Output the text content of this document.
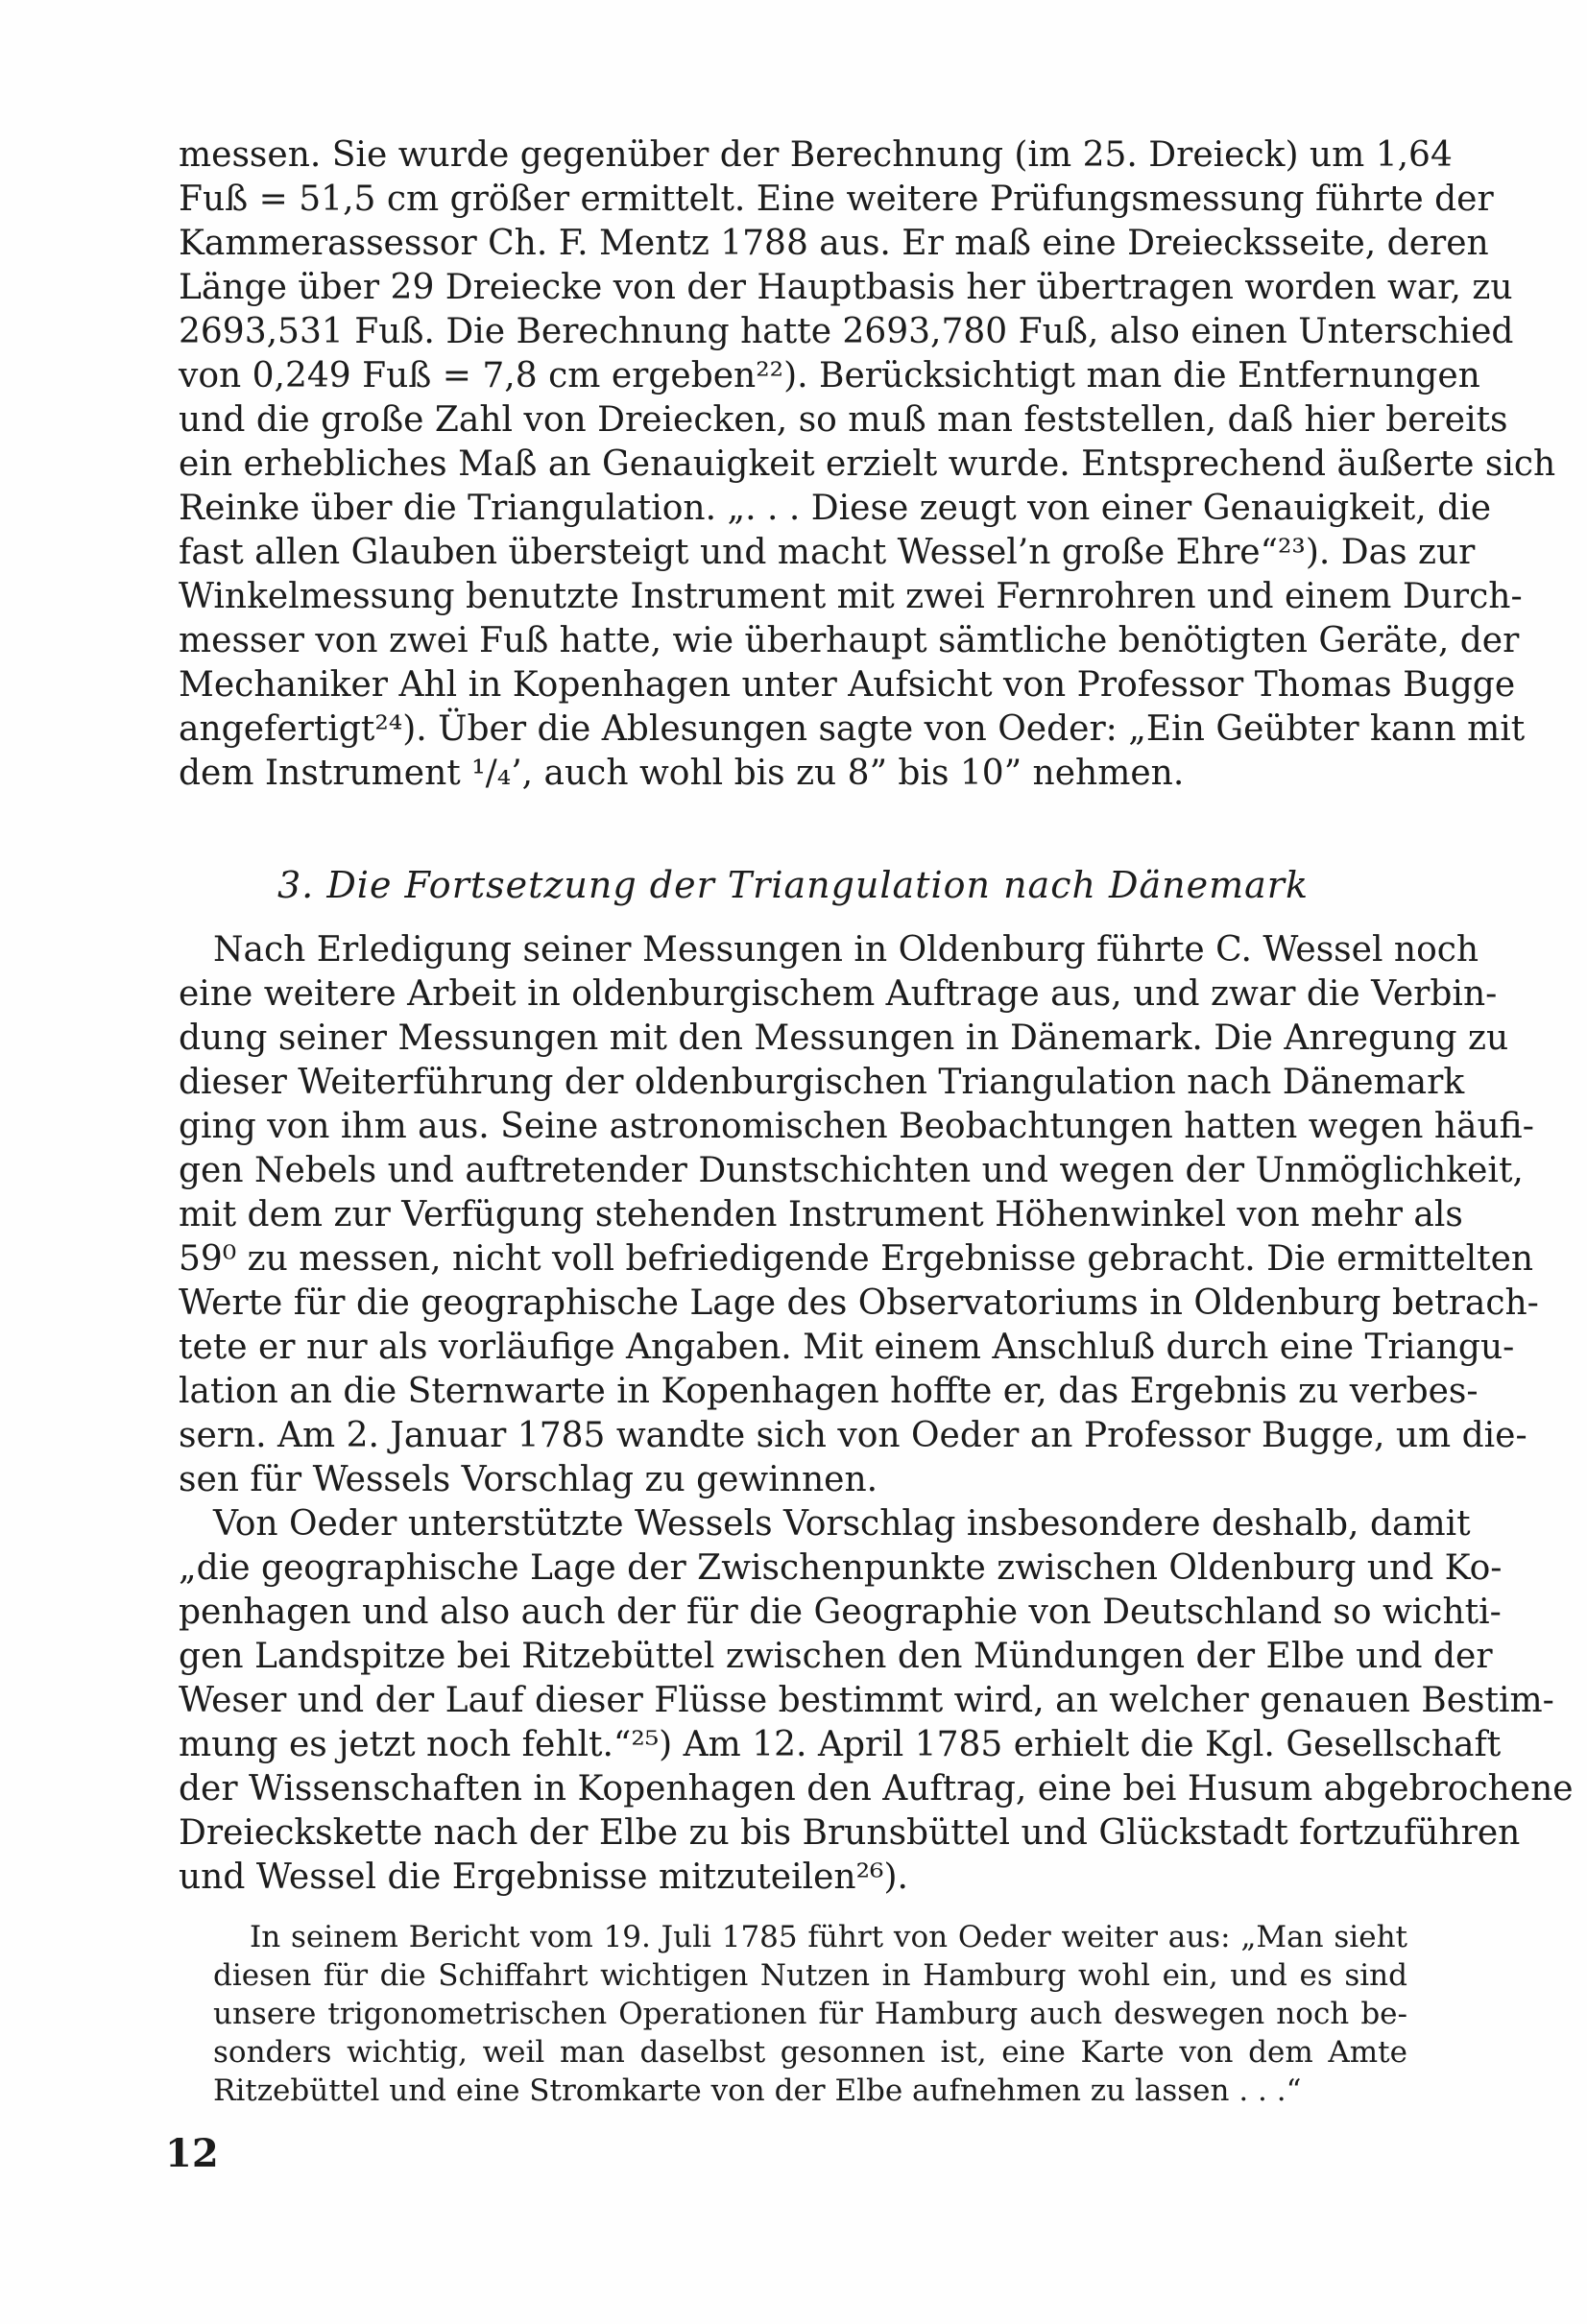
messen. Sie wurde gegenüber der Berechnung (im 25. Dreieck) um 1,64
Fuß = 51,5 cm größer ermittelt. Eine weitere Prüfungsmessung führte der
Kammerassessor Ch. F. Mentz 1788 aus. Er maß eine Dreiecksseite, deren
Länge über 29 Dreiecke von der Hauptbasis her übertragen worden war, zu
2693,531 Fuß. Die Berechnung hatte 2693,780 Fuß, also einen Unterschied
von 0,249 Fuß = 7,8 cm ergeben²²). Berücksichtigt man die Entfernungen
und die große Zahl von Dreiecken, so muß man feststellen, daß hier bereits
ein erhebliches Maß an Genauigkeit erzielt wurde. Entsprechend äußerte sich
Reinke über die Triangulation. „. . . Diese zeugt von einer Genauigkeit, die
fast allen Glauben übersteigt und macht Wessel’n große Ehre“²³). Das zur
Winkelmessung benutzte Instrument mit zwei Fernrohren und einem Durch-
messer von zwei Fuß hatte, wie überhaupt sämtliche benötigten Geräte, der
Mechaniker Ahl in Kopenhagen unter Aufsicht von Professor Thomas Bugge
angefertigt²⁴). Über die Ablesungen sagte von Oeder: „Ein Geübter kann mit
dem Instrument ¹/₄’, auch wohl bis zu 8” bis 10” nehmen.
3. Die Fortsetzung der Triangulation nach Dänemark
Nach Erledigung seiner Messungen in Oldenburg führte C. Wessel noch
eine weitere Arbeit in oldenburgischem Auftrage aus, und zwar die Verbin-
dung seiner Messungen mit den Messungen in Dänemark. Die Anregung zu
dieser Weiterführung der oldenburgischen Triangulation nach Dänemark
ging von ihm aus. Seine astronomischen Beobachtungen hatten wegen häufi-
gen Nebels und auftretender Dunstschichten und wegen der Unmöglichkeit,
mit dem zur Verfügung stehenden Instrument Höhenwinkel von mehr als
59⁰ zu messen, nicht voll befriedigende Ergebnisse gebracht. Die ermittelten
Werte für die geographische Lage des Observatoriums in Oldenburg betrach-
tete er nur als vorläufige Angaben. Mit einem Anschluß durch eine Triangu-
lation an die Sternwarte in Kopenhagen hoffte er, das Ergebnis zu verbes-
sern. Am 2. Januar 1785 wandte sich von Oeder an Professor Bugge, um die-
sen für Wessels Vorschlag zu gewinnen.
Von Oeder unterstützte Wessels Vorschlag insbesondere deshalb, damit
„die geographische Lage der Zwischenpunkte zwischen Oldenburg und Ko-
penhagen und also auch der für die Geographie von Deutschland so wichti-
gen Landspitze bei Ritzebüttel zwischen den Mündungen der Elbe und der
Weser und der Lauf dieser Flüsse bestimmt wird, an welcher genauen Bestim-
mung es jetzt noch fehlt.“²⁵) Am 12. April 1785 erhielt die Kgl. Gesellschaft
der Wissenschaften in Kopenhagen den Auftrag, eine bei Husum abgebrochene
Dreieckskette nach der Elbe zu bis Brunsbüttel und Glückstadt fortzuführen
und Wessel die Ergebnisse mitzuteilen²⁶).
In seinem Bericht vom 19. Juli 1785 führt von Oeder weiter aus: „Man sieht
diesen für die Schiffahrt wichtigen Nutzen in Hamburg wohl ein, und es sind
unsere trigonometrischen Operationen für Hamburg auch deswegen noch be-
sonders wichtig, weil man daselbst gesonnen ist, eine Karte von dem Amte
Ritzebüttel und eine Stromkarte von der Elbe aufnehmen zu lassen . . .“
12
